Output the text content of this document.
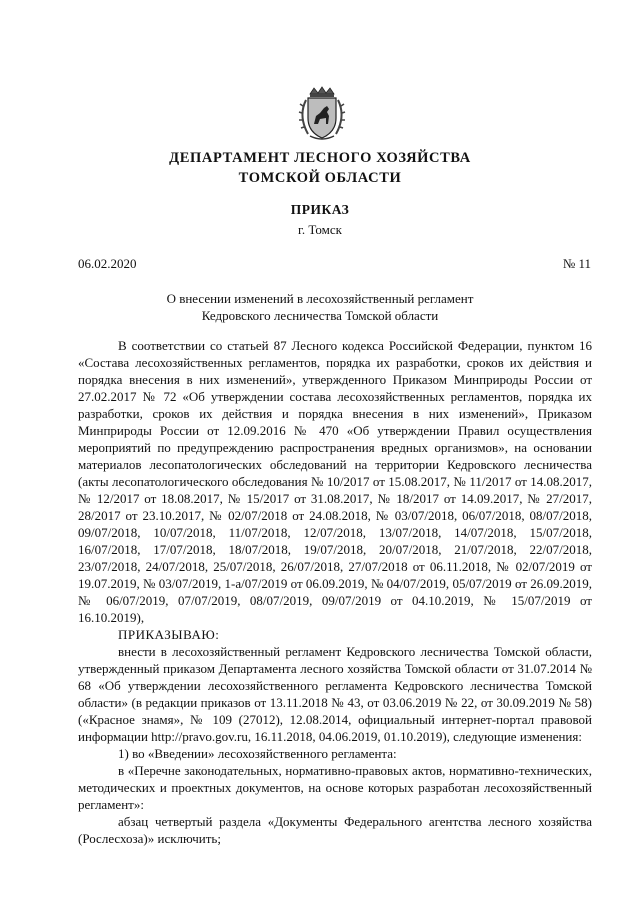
ДЕПАРТАМЕНТ ЛЕСНОГО ХОЗЯЙСТВА
ТОМСКОЙ ОБЛАСТИ
ПРИКАЗ
г. Томск
06.02.2020	№ 11
О внесении изменений в лесохозяйственный регламент
Кедровского лесничества Томской области

В соответствии со статьей 87 Лесного кодекса Российской Федерации, пунктом 16 «Состава лесохозяйственных регламентов, порядка их разработки, сроков их действия и порядка внесения в них изменений», утвержденного Приказом Минприроды России от 27.02.2017 № 72 «Об утверждении состава лесохозяйственных регламентов, порядка их разработки, сроков их действия и порядка внесения в них изменений», Приказом Минприроды России от 12.09.2016 № 470 «Об утверждении Правил осуществления мероприятий по предупреждению распространения вредных организмов», на основании материалов лесопатологических обследований на территории Кедровского лесничества (акты лесопатологического обследования № 10/2017 от 15.08.2017, № 11/2017 от 14.08.2017, № 12/2017 от 18.08.2017, № 15/2017 от 31.08.2017, № 18/2017 от 14.09.2017, № 27/2017, 28/2017 от 23.10.2017, № 02/07/2018 от 24.08.2018, № 03/07/2018, 06/07/2018, 08/07/2018, 09/07/2018, 10/07/2018, 11/07/2018, 12/07/2018, 13/07/2018, 14/07/2018, 15/07/2018, 16/07/2018, 17/07/2018, 18/07/2018, 19/07/2018, 20/07/2018, 21/07/2018, 22/07/2018, 23/07/2018, 24/07/2018, 25/07/2018, 26/07/2018, 27/07/2018 от 06.11.2018, № 02/07/2019 от 19.07.2019, № 03/07/2019, 1-а/07/2019 от 06.09.2019, № 04/07/2019, 05/07/2019 от 26.09.2019, № 06/07/2019, 07/07/2019, 08/07/2019, 09/07/2019 от 04.10.2019, № 15/07/2019 от 16.10.2019),

ПРИКАЗЫВАЮ:

внести в лесохозяйственный регламент Кедровского лесничества Томской области, утвержденный приказом Департамента лесного хозяйства Томской области от 31.07.2014 № 68 «Об утверждении лесохозяйственного регламента Кедровского лесничества Томской области» (в редакции приказов от 13.11.2018 № 43, от 03.06.2019 № 22, от 30.09.2019 № 58) («Красное знамя», № 109 (27012), 12.08.2014, официальный интернет-портал правовой информации http://pravo.gov.ru, 16.11.2018, 04.06.2019, 01.10.2019), следующие изменения:

1) во «Введении» лесохозяйственного регламента:

в «Перечне законодательных, нормативно-правовых актов, нормативно-технических, методических и проектных документов, на основе которых разработан лесохозяйственный регламент»:

абзац четвертый раздела «Документы Федерального агентства лесного хозяйства (Рослесхоза)» исключить;
